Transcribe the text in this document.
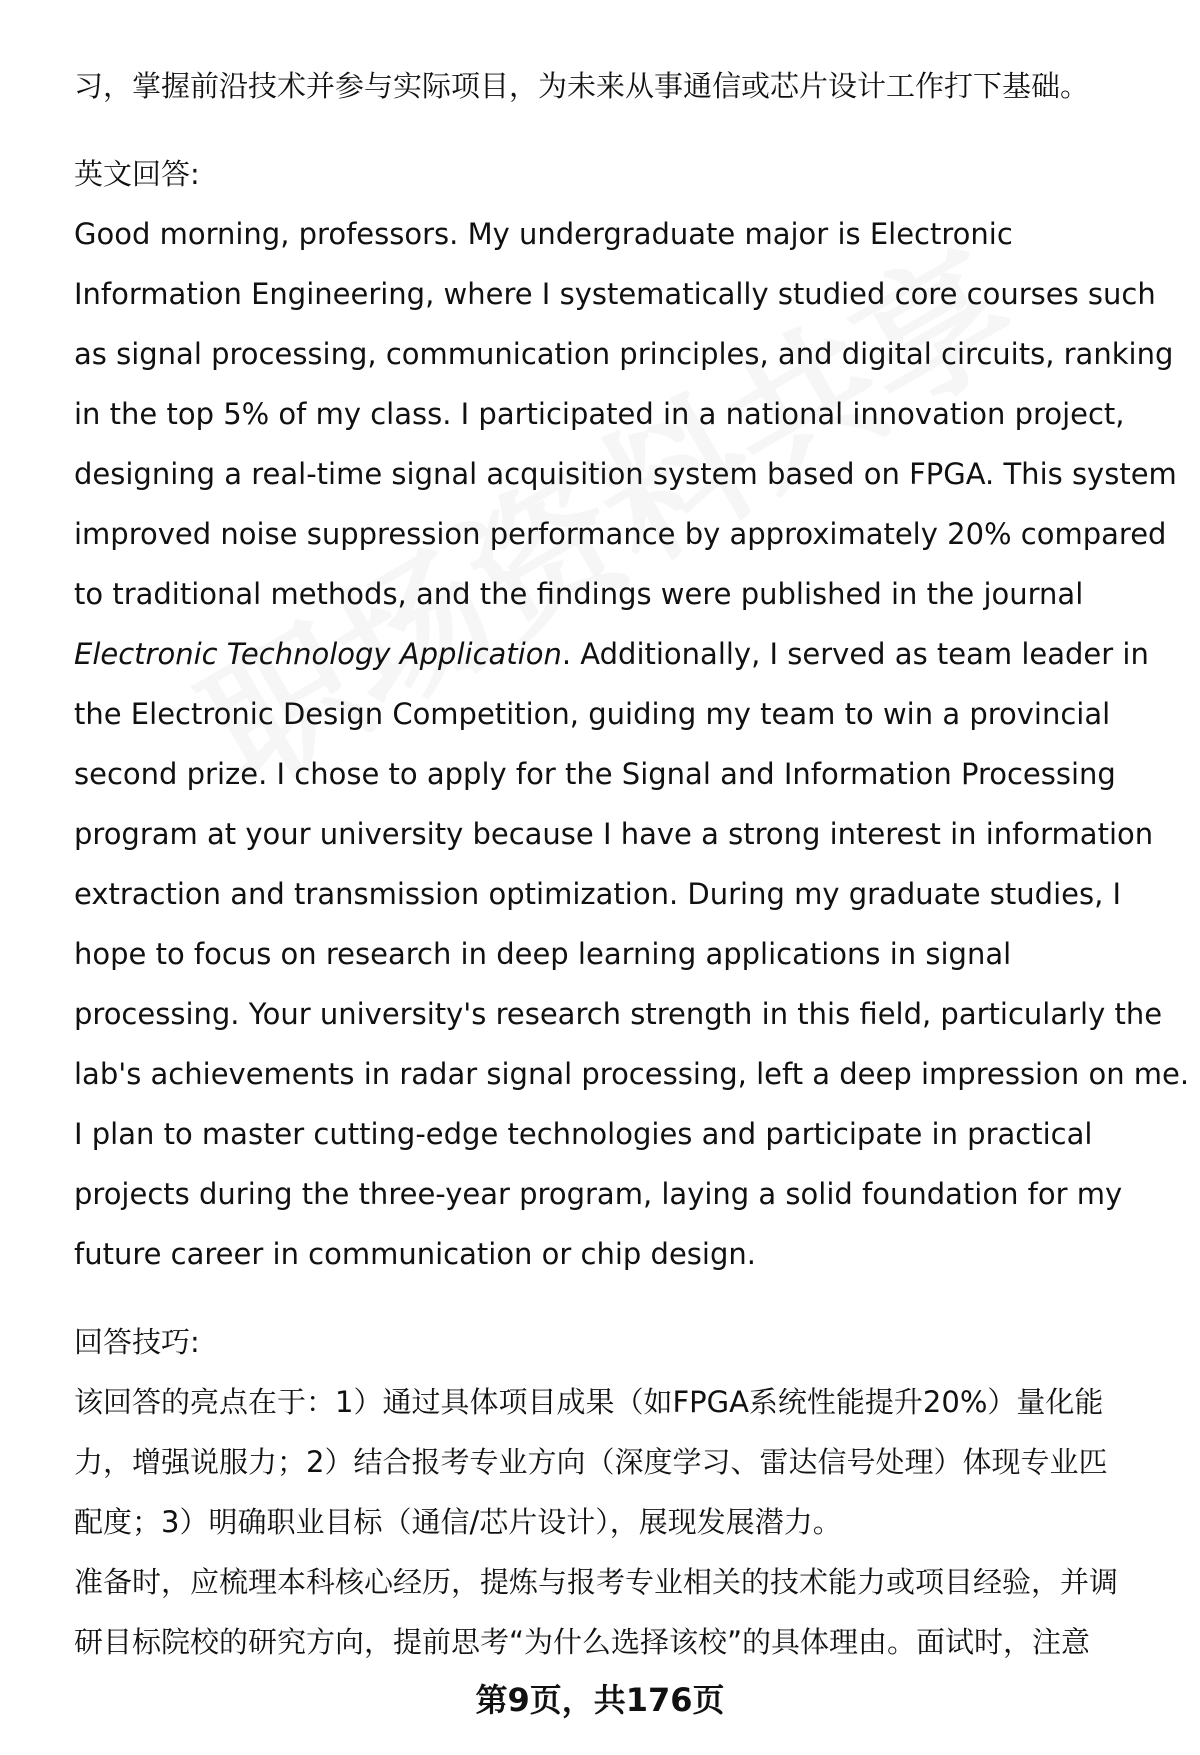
习，掌握前沿技术并参与实际项目，为未来从事通信或芯片设计工作打下基础。

英文回答:

Good morning, professors. My undergraduate major is Electronic

Information Engineering, where I systematically studied core courses such

as signal processing, communication principles, and digital circuits, ranking

in the top 5% of my class. I participated in a national innovation project,

designing a real-time signal acquisition system based on FPGA. This system

improved noise suppression performance by approximately 20% compared

to traditional methods, and the findings were published in the journal

Electronic Technology Application. Additionally, I served as team leader in

the Electronic Design Competition, guiding my team to win a provincial

second prize. I chose to apply for the Signal and Information Processing

program at your university because I have a strong interest in information

extraction and transmission optimization. During my graduate studies, I

hope to focus on research in deep learning applications in signal

processing. Your university's research strength in this field, particularly the

lab's achievements in radar signal processing, left a deep impression on me.

I plan to master cutting-edge technologies and participate in practical

projects during the three-year program, laying a solid foundation for my

future career in communication or chip design.

回答技巧:

该回答的亮点在于：1）通过具体项目成果（如FPGA系统性能提升20%）量化能

力，增强说服力；2）结合报考专业方向（深度学习、雷达信号处理）体现专业匹

配度；3）明确职业目标（通信/芯片设计），展现发展潜力。

准备时，应梳理本科核心经历，提炼与报考专业相关的技术能力或项目经验，并调

研目标院校的研究方向，提前思考“为什么选择该校”的具体理由。面试时，注意

第9页，共176页
